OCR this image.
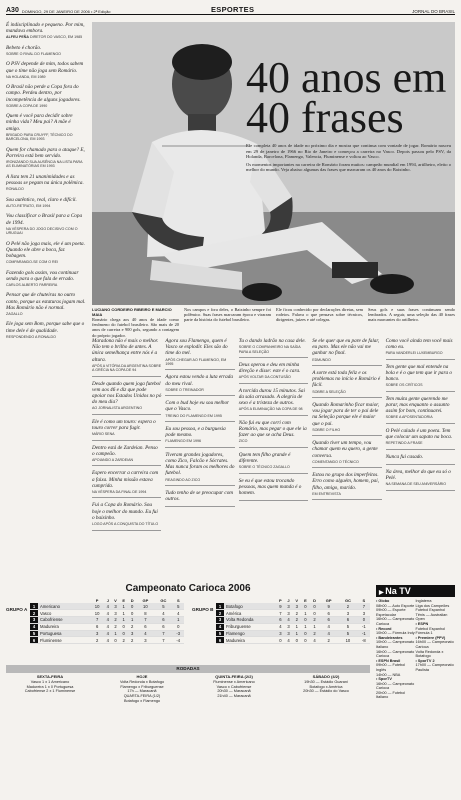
A30 DOMINGO, 29 DE JANEIRO DE 2006 • 2ª Edição	ESPORTES	JORNAL DO BRASIL
É indisciplinado e pequeno. Por mim, mandava embora.
ALFEU PEÑA DIRETOR DO VASCO, EM 1985
Bebeto é chorão.
SOBRE O RIVAL DO FLAMENGO
O PSV depende de mim, todos sabem que o time não joga sem Romário.
NA HOLANDA, EM 1989
O Brasil não perde a Copa fora do campo. Perdeu dentro, por incompetência de alguns jogadores.
SOBRE A COPA DE 1990
Quem é você para decidir sobre minha vida? Meu pai? A mãe é amigo.
BRIGADO PARA CRUYFF, TÉCNICO DO BARCELONA, EM 1993
Quem for chamado para o ataque? E, Parreira está bem servido.
IRONIZANDO SUA AUSÊNCIA NA LISTA PARA AS ELIMINATÓRIAS EM 1993
A lista tem 21 unanimidades e as pessoas se pegam na única polêmica.
RONALDO
Sou autêntico, real, claro e difícil.
AUTO-RETRATO, EM 1994
Vou classificar o Brasil para a Copa de 1994.
NA VÉSPERA DO JOGO DECISIVO COM O URUGUAI
O Pelé não joga mais, ele é um poeta. Quando ele abre a boca, faz bobagem.
COMPARANDO-SE COM O REI
Fazendo gols assim, vou continuar sendo para o que fala de errado.
CARLOS ALBERTO PARREIRA
Pensar que de chuteiras no outro canto, porque as estaturas jogam mal. Mas Romário não é normal.
ZAGALLO
Ele joga sem Bom, porque sabe que o time dele é de qualidade.
RESPONDENDO A RONALDO
40 anos em
40 frases

Ele completa 40 anos de idade no próximo dia e mostra que continua com vontade de jogar. Romário nasceu em 29 de janeiro de 1966 no Rio de Janeiro e começou a carreira no Vasco. Depois passou pelo PSV, da Holanda, Barcelona, Flamengo, Valencia, Fluminense e voltou ao Vasco.

Os momentos importantes na carreira de Romário foram muitos: campeão mundial em 1994, artilheiro, eleito o melhor do mundo. Veja abaixo algumas das frases que marcaram os 40 anos do Baixinho.

LUCIANO CORDEIRO RIBEIRO E MARCIO MAIA

Romário chega aos 40 anos de idade como fenômeno do futebol brasileiro. São mais de 20 anos de carreira e 900 gols, segundo a contagem do próprio jogador.

Nos campos e fora deles, o Baixinho sempre foi polêmico. Suas frases marcaram época e viraram parte da história do futebol brasileiro.

Ele ficou conhecido por declarações diretas, sem rodeios. Falava o que pensava sobre técnicos, dirigentes, juízes e até colegas.

Seus gols e suas frases continuam sendo lembrados. A seguir, uma seleção das 40 frases mais marcantes do artilheiro.

Maradona não é mais o melhor. Não tem o brilho de antes. A única semelhança entre nós é a altura.
APÓS A VITÓRIA DA ARGENTINA SOBRE A GRÉCIA NA COPA DE 94
Desde quando quem joga futebol vem aos 46 e diz que pode apoiar nos Estados Unidos no pó do meu dia?
AO JORNALISTA ARGENTINO
Ele é como um touro: espera o touro correr para fugir.
MÁRIO SENA
Dentro está de Zardeian. Penso o campeão.
APOIANDO A ZARDEIAN
Espero encerrar a carreira com a faixa. Minha missão estava cumprida.
NA VÉSPERA DA FINAL DE 1994
Fui a Copa do Romário. Sou hoje o melhor do mundo. Eu fui o baixinho.
LOGO APÓS A CONQUISTA DO TÍTULO
Agora sou Flamengo, quem é Vasco se explodir. Eles são do time do mel.
APÓS CHEGAR AO FLAMENGO, EM 1995
Agora estou vendo a luta errada do meu rival.
SOBRE O TREINADOR
Com o bud hoje eu sou melhor que o Vasco.
TREINO DO FLAMENGO EM 1995
Eu sou pessoa, e a burguesia pode mesmo.
FLAMENGO EM 1996
Tiveram grandes jogadores, como Zico, Falcão e Sócrates. Mas nunca foram os melhores do futebol.
REAGINDO AO ZICO
Tudo tenho de se preocupar com outros.
Tu o dando ladrão na casa dele.
SOBRE O COMPANHEIRO NA SAÍDA PARA A SELEÇÃO
Deus operou e deu em minha direção e disse: este é o cara.
APÓS VOLTAR DA CONTUSÃO
A torcida durou 15 minutos. Sai da sala arrasado. A alegria de sexo é a tristeza de outros.
APÓS A ELIMINAÇÃO NA COPA DE 98
Não fui eu que corri com Romário, mas pegar o que ele ia fazer ao que se acha Deus.
ZICO
Quem tem filho grande é diferente.
SOBRE O TÉCNICO ZAGALLO
Se eu é que estou trocando pessoas, mas quem manda é o homem.
Se ele quer que eu pare de falar, eu paro. Mas ele não vai me ganhar no final.
EDMUNDO
A sorte está toda feliz e os problemas no início e Romário é fácil.
SOBRE A SELEÇÃO
Quando Romarinho ficar maior, vou jogar para de ter o pai dele na Seleção porque ele é maior que o pai.
SOBRE O FILHO
Quando tiver um tempo, vou chamar quem eu quero, a gente conversa.
COMENTANDO O TÉCNICO
Estou no grupo dos imperfeitos. Erro como alguém, homem, pai, filho, amigo, marido.
EM ENTREVISTA
Como você ainda tem você mais como eu.
PARA VANDERLEI LUXEMBURGO
Tem gente que mal entende na bola e é o que tem que ir para o banco.
SOBRE OS CRÍTICOS
Tem muita gente querendo me parar, mas enquanto o assunto assim for bom, continuarei.
SOBRE A APOSENTADORIA
O Pelé calado é um poeta. Tem que colocar um sapato na boca.
REPETINDO A FRASE
Nunca fui casado.
Na área, melhor do que eu só o Pelé.
NA SEMANA DE SEU ANIVERSÁRIO
Campeonato Carioca 2006
GRUPO A
		P	J	V	E	D	GP	GC	S
1	Americano	10	4	3	1	0	10	5	5
2	Vasco	10	4	3	1	0	8	4	4
3	Cabofriense	7	4	2	1	1	7	6	1
4	Madureira	6	4	2	0	2	6	6	0
5	Portuguesa	3	4	1	0	3	4	7	-3
6	Fluminense	2	4	0	2	2	3	7	-4
GRUPO B
		P	J	V	E	D	GP	GC	S
1	Botafogo	9	3	3	0	0	9	2	7
2	América	7	3	2	1	0	6	3	3
3	Volta Redonda	6	4	2	0	2	6	6	0
4	Friburguense	4	3	1	1	1	4	5	-1
5	Flamengo	3	3	1	0	2	4	5	-1
6	Madureira	0	4	0	0	4	2	10	-8
RODADAS
SEXTA-FEIRA
Vasco 1 x 1 Americano
Madureira 1 x 0 Portuguesa
Cabofriense 2 x 1 Fluminense
HOJE
Volta Redonda x Botafogo
Flamengo x Friburguense
17h — Maracanã
QUARTA-FEIRA (1/2)
Botafogo x Flamengo
QUINTA-FEIRA (2/2)
Fluminense x Americano
Vasco x Cabofriense
20h30 — Maracanã
21h40 — Maracanã
SÁBADO (4/2)
19h30 — Estádio Guarani
Botafogo x América
20h30 — Estádio do Vasco
▶ Na TV
• Globo
08h00 — Auto Esporte
09h00 — Esporte Espetacular
16h00 — Campeonato Carioca
• Record
10h00 — Fórmula Indy
• Bandeirantes
10h00 — Campeonato Italiano
16h00 — Campeonato Carioca
• ESPN Brasil
09h00 — Futebol Inglês
14h00 — NBA
• SporTV
16h00 — Campeonato Carioca
20h00 — Futebol Italiano
Inglaterra
Liga dos Campeões
Futebol Espanhol
Tênis — Australian Open
• ESPN
Futebol Espanhol
Fórmula 1
• Premiere (PPV)
16h00 — Campeonato Carioca
Volta Redonda x Botafogo
• SporTV 2
17h00 — Campeonato Paulista
